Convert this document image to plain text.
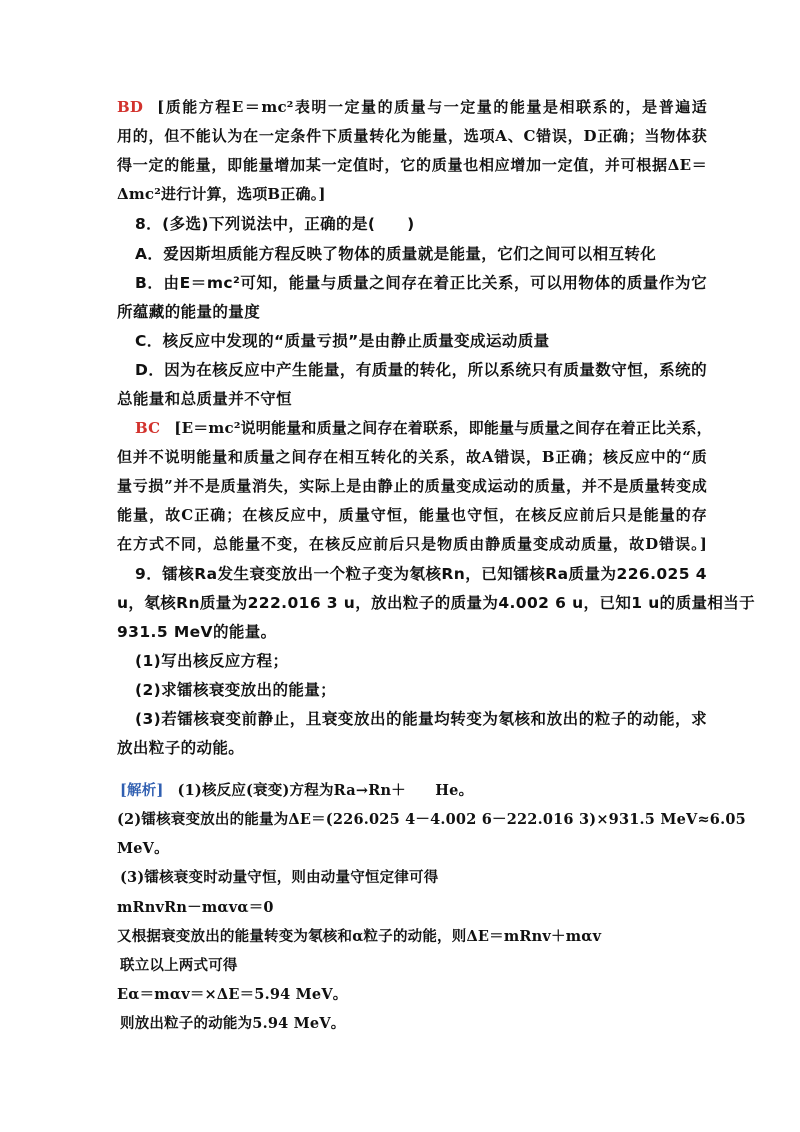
BD [质能方程E＝mc²表明一定量的质量与一定量的能量是相联系的，是普遍适
用的，但不能认为在一定条件下质量转化为能量，选项A、C错误，D正确；当物体获
得一定的能量，即能量增加某一定值时，它的质量也相应增加一定值，并可根据ΔE＝
Δmc²进行计算，选项B正确。]
8．(多选)下列说法中，正确的是(　　)
A．爱因斯坦质能方程反映了物体的质量就是能量，它们之间可以相互转化
B．由E＝mc²可知，能量与质量之间存在着正比关系，可以用物体的质量作为它
所蕴藏的能量的量度
C．核反应中发现的“质量亏损”是由静止质量变成运动质量
D．因为在核反应中产生能量，有质量的转化，所以系统只有质量数守恒，系统的
总能量和总质量并不守恒
BC [E＝mc²说明能量和质量之间存在着联系，即能量与质量之间存在着正比关系，
但并不说明能量和质量之间存在相互转化的关系，故A错误，B正确；核反应中的“质
量亏损”并不是质量消失，实际上是由静止的质量变成运动的质量，并不是质量转变成
能量，故C正确；在核反应中，质量守恒，能量也守恒，在核反应前后只是能量的存
在方式不同，总能量不变，在核反应前后只是物质由静质量变成动质量，故D错误。]
9．镭核Ra发生衰变放出一个粒子变为氡核Rn，已知镭核Ra质量为226.025 4
u，氡核Rn质量为222.016 3 u，放出粒子的质量为4.002 6 u，已知1 u的质量相当于
931.5 MeV的能量。
(1)写出核反应方程；
(2)求镭核衰变放出的能量；
(3)若镭核衰变前静止，且衰变放出的能量均转变为氡核和放出的粒子的动能，求
放出粒子的动能。
[解析] (1)核反应(衰变)方程为Ra→Rn＋　　He。
(2)镭核衰变放出的能量为ΔE＝(226.025 4－4.002 6－222.016 3)×931.5 MeV≈6.05
MeV。
(3)镭核衰变时动量守恒，则由动量守恒定律可得
mRnvRn－mαvα＝0
又根据衰变放出的能量转变为氡核和α粒子的动能，则ΔE＝mRnv＋mαv
联立以上两式可得
Eα＝mαv＝×ΔE＝5.94 MeV。
则放出粒子的动能为5.94 MeV。
